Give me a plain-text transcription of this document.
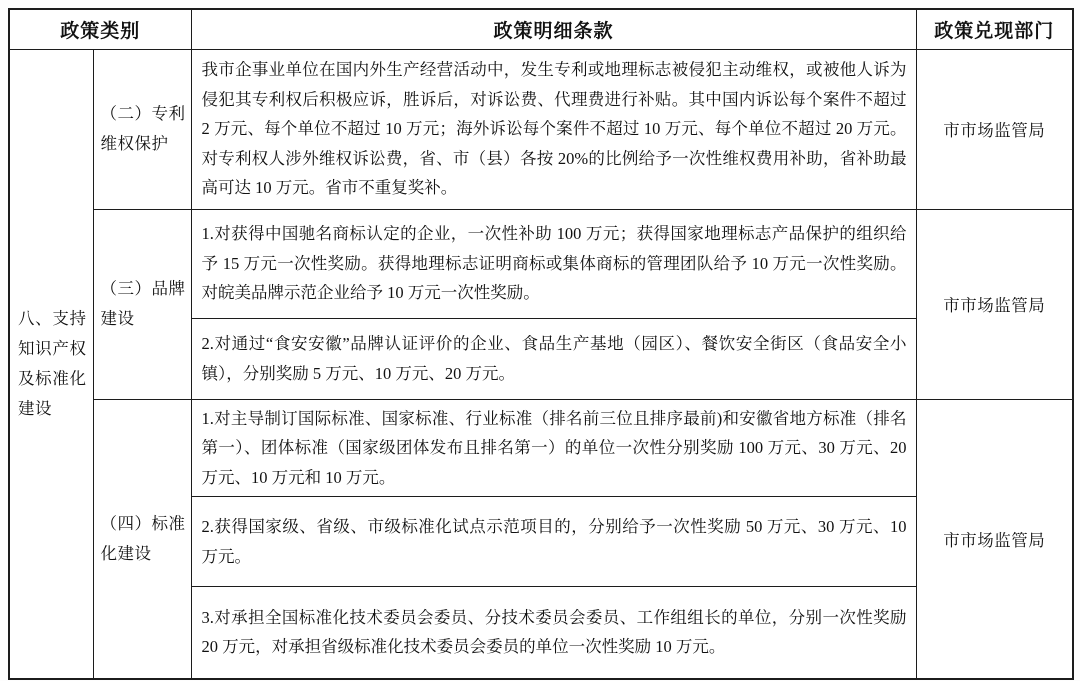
政策类别		政策明细条款	政策兑现部门
八、支持知识产权及标准化建设	（二）专利维权保护	我市企事业单位在国内外生产经营活动中，发生专利或地理标志被侵犯主动维权，或被他人诉为侵犯其专利权后积极应诉，胜诉后，对诉讼费、代理费进行补贴。其中国内诉讼每个案件不超过 2 万元、每个单位不超过 10 万元；海外诉讼每个案件不超过 10 万元、每个单位不超过 20 万元。对专利权人涉外维权诉讼费，省、市（县）各按 20%的比例给予一次性维权费用补助，省补助最高可达 10 万元。省市不重复奖补。	市市场监管局
	（三）品牌建设	1.对获得中国驰名商标认定的企业，一次性补助 100 万元；获得国家地理标志产品保护的组织给予 15 万元一次性奖励。获得地理标志证明商标或集体商标的管理团队给予 10 万元一次性奖励。对皖美品牌示范企业给予 10 万元一次性奖励。	市市场监管局
		2.对通过“食安安徽”品牌认证评价的企业、食品生产基地（园区）、餐饮安全街区（食品安全小镇），分别奖励 5 万元、10 万元、20 万元。	
	（四）标准化建设	1.对主导制订国际标准、国家标准、行业标准（排名前三位且排序最前)和安徽省地方标准（排名第一）、团体标准（国家级团体发布且排名第一）的单位一次性分别奖励 100 万元、30 万元、20 万元、10 万元和 10 万元。	市市场监管局
		2.获得国家级、省级、市级标准化试点示范项目的，分别给予一次性奖励 50 万元、30 万元、10 万元。	
		3.对承担全国标准化技术委员会委员、分技术委员会委员、工作组组长的单位，分别一次性奖励 20 万元，对承担省级标准化技术委员会委员的单位一次性奖励 10 万元。	
